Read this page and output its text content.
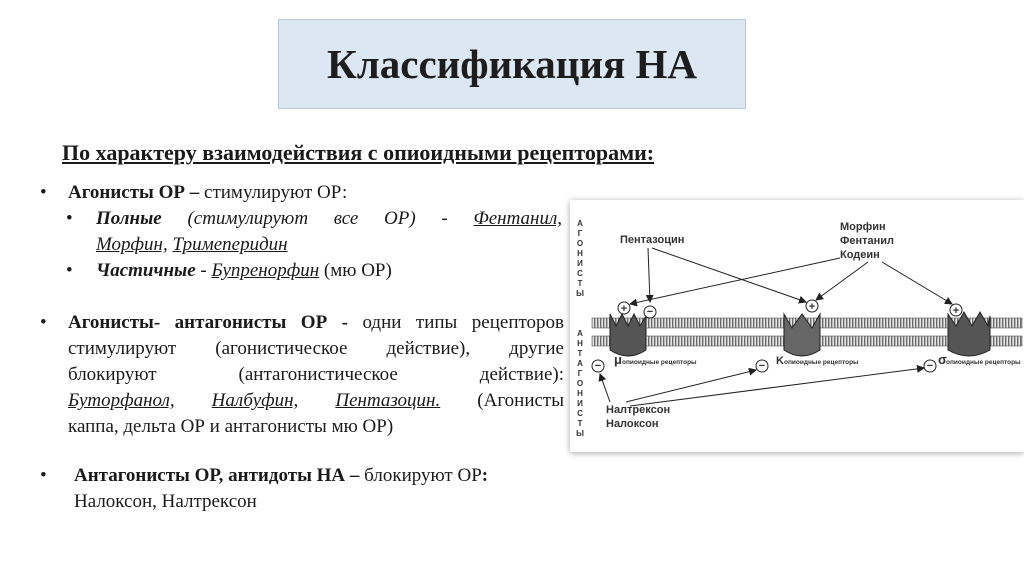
Классификация НА
По характеру взаимодействия с опиоидными рецепторами:
• Агонисты ОР – стимулируют ОР:
• Полные (стимулируют все ОР) - Фентанил,
Морфин, Тримеперидин
• Частичные - Бупренорфин (мю ОР)
• Агонисты- антагонисты ОР - одни типы рецепторов
стимулируют (агонистическое действие), другие
блокируют (антагонистическое действие):
Буторфанол, Налбуфин, Пентазоцин. (Агонисты
каппа, дельта ОР и антагонисты мю ОР)
• Антагонисты ОР, антидоты НА – блокируют ОР:
Налоксон, Налтрексон
А
Г
О
Н
И
С
Т
Ы
А
Н
Т
А
Г
О
Н
И
С
Т
Ы
+ −	+	+
−	−	−
μ опиоидные рецепторы	K опиоидные рецепторы	σ опиоидные рецепторы
Пентазоцин
Морфин
Фентанил
Кодеин
Налтрексон
Налоксон
